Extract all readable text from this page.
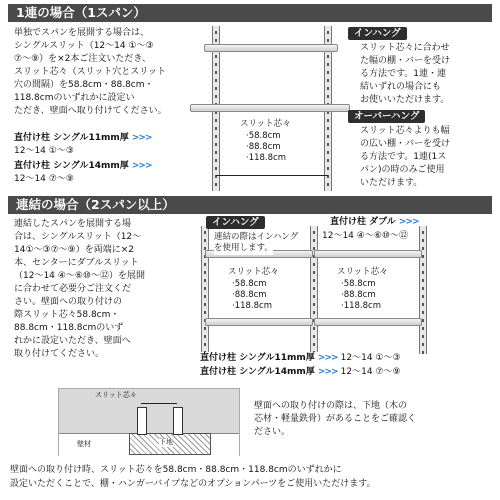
1連の場合（1スパン）
単独でスパンを展開する場合は、
シングルスリット（12〜14 ①〜③
⑦〜⑨）を×2本ご注文いただき、
スリット芯々（スリット穴とスリット
穴の間隔）を58.8cm・88.8cm・
118.8cmのいずれかに設定い
ただき、壁面へ取り付けてください。
直付け柱 シングル11mm厚 >>>
12〜14 ①〜③
直付け柱 シングル14mm厚 >>>
12〜14 ⑦〜⑨
スリット芯々
·58.8cm
·88.8cm
·118.8cm
インハング
スリット芯々に合わせ
た幅の棚・バーを受け
る方法です。1連・連
結いずれの場合にも
お使いいただけます。
オーバーハング
スリット芯々よりも幅
の広い棚・バーを受け
る方法です。1連(1ス
パン)の時のみご使用
いただけます。
連結の場合（2スパン以上）
連結したスパンを展開する場
合は、シングルスリット（12〜
14①〜③⑦〜⑨）を両端に×2
本、センターにダブルスリット
（12〜14 ④〜⑥⑩〜⑫）を展開
に合わせて必要分ご注文くだ
さい。壁面への取り付けの
際スリット芯々58.8cm・
88.8cm・118.8cmのいず
れかに設定いただき、壁面へ
取り付けてください。
スリット芯々
·58.8cm
·88.8cm
·118.8cm
スリット芯々
·58.8cm
·88.8cm
·118.8cm
インハング
連結の際はインハング
を使用します。
直付け柱 ダブル >>>
12〜14 ④〜⑥⑩〜⑫
直付け柱 シングル11mm厚 >>> 12〜14 ①〜③
直付け柱 シングル14mm厚 >>> 12〜14 ⑦〜⑨
スリット芯々
壁材	下地
壁面への取り付けの際は、下地（木の
芯材・軽量鉄骨）があることをご確認く
ださい。
壁面への取り付け時、スリット芯々を58.8cm・88.8cm・118.8cmのいずれかに
設定いただくことで、棚・ハンガーバイプなどのオプションパーツをご使用いただけます。
